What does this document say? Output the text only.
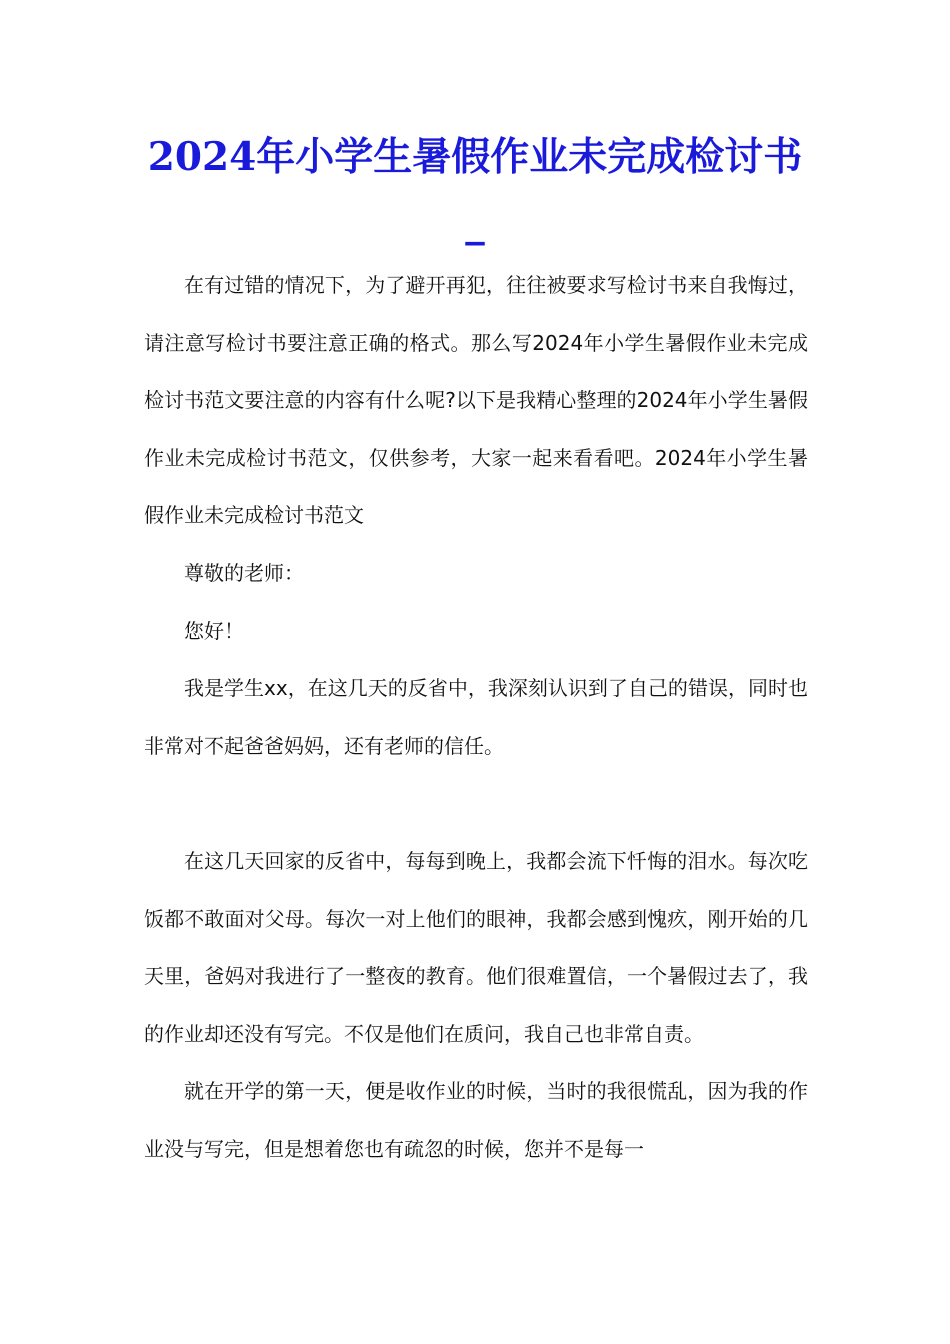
2024年小学生暑假作业未完成检讨书_

在有过错的情况下，为了避开再犯，往往被要求写检讨书来自我悔过，请注意写检讨书要注意正确的格式。那么写2024年小学生暑假作业未完成检讨书范文要注意的内容有什么呢?以下是我精心整理的2024年小学生暑假作业未完成检讨书范文，仅供参考，大家一起来看看吧。2024年小学生暑假作业未完成检讨书范文

尊敬的老师：

您好！

我是学生xx，在这几天的反省中，我深刻认识到了自己的错误，同时也非常对不起爸爸妈妈，还有老师的信任。

在这几天回家的反省中，每每到晚上，我都会流下忏悔的泪水。每次吃饭都不敢面对父母。每次一对上他们的眼神，我都会感到愧疚，刚开始的几天里，爸妈对我进行了一整夜的教育。他们很难置信，一个暑假过去了，我的作业却还没有写完。不仅是他们在质问，我自己也非常自责。

就在开学的第一天，便是收作业的时候，当时的我很慌乱，因为我的作业没与写完，但是想着您也有疏忽的时候，您并不是每一
